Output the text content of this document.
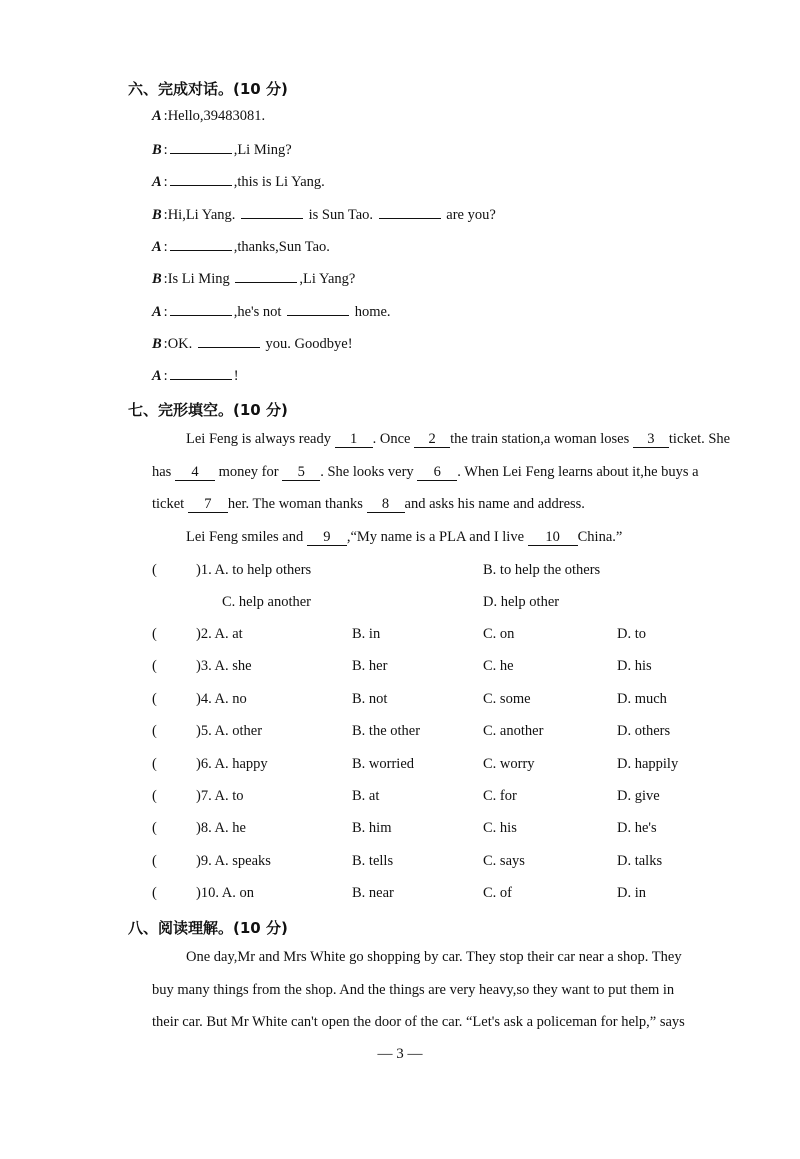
六、完成对话。(10 分)
A :Hello,39483081.
B :	,Li Ming?
A :	,this is Li Yang.
B :Hi,Li Yang.	is Sun Tao.	are you?
A :	,thanks,Sun Tao.
B :Is Li Ming	,Li Yang?
A :	,he's not	home.
B :OK.	you. Goodbye!
A :	!
七、完形填空。(10 分)
Lei Feng is always ready 1 . Once 2 the train station,a woman loses 3 ticket. She
has 4 money for 5 . She looks very 6 . When Lei Feng learns about it,he buys a
ticket 7 her. The woman thanks 8 and asks his name and address.
Lei Feng smiles and 9 ,“My name is a PLA and I live 10 China.”
(	)1. A. to help others	B. to help the others
C. help another	D. help other
(	)2. A. at	B. in	C. on	D. to
(	)3. A. she	B. her	C. he	D. his
(	)4. A. no	B. not	C. some	D. much
(	)5. A. other	B. the other	C. another	D. others
(	)6. A. happy	B. worried	C. worry	D. happily
(	)7. A. to	B. at	C. for	D. give
(	)8. A. he	B. him	C. his	D. he's
(	)9. A. speaks	B. tells	C. says	D. talks
(	)10. A. on	B. near	C. of	D. in
八、阅读理解。(10 分)
One day,Mr and Mrs White go shopping by car. They stop their car near a shop. They
buy many things from the shop. And the things are very heavy,so they want to put them in
their car. But Mr White can't open the door of the car. “Let's ask a policeman for help,” says
— 3 —
